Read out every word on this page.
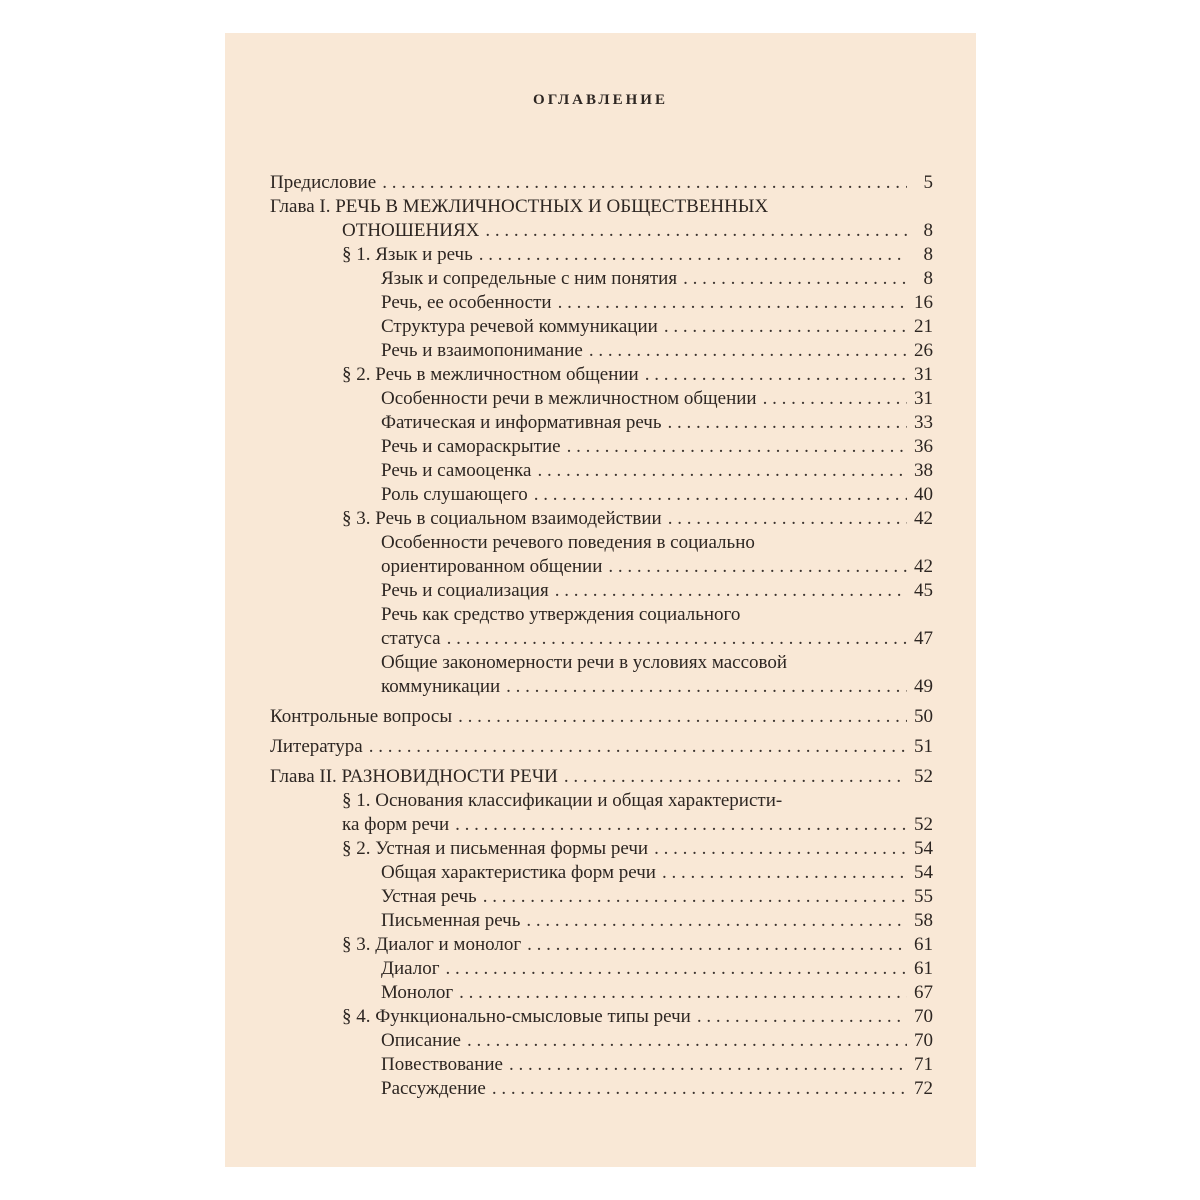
ОГЛАВЛЕНИЕ
Предисловие . . .	5
Глава I. РЕЧЬ В МЕЖЛИЧНОСТНЫХ И ОБЩЕСТВЕННЫХ
ОТНОШЕНИЯХ . . .	8
§ 1. Язык и речь . . .	8
Язык и сопредельные с ним понятия . . .	8
Речь, ее особенности . . .	16
Структура речевой коммуникации . . .	21
Речь и взаимопонимание . . .	26
§ 2. Речь в межличностном общении . . .	31
Особенности речи в межличностном общении . . .	31
Фатическая и информативная речь . . .	33
Речь и самораскрытие . . .	36
Речь и самооценка . . .	38
Роль слушающего . . .	40
§ 3. Речь в социальном взаимодействии . . .	42
Особенности речевого поведения в социально
ориентированном общении . . .	42
Речь и социализация . . .	45
Речь как средство утверждения социального
статуса . . .	47
Общие закономерности речи в условиях массовой
коммуникации . . .	49
Контрольные вопросы . . .	50
Литература . . .	51
Глава II. РАЗНОВИДНОСТИ РЕЧИ . . .	52
§ 1. Основания классификации и общая характеристи-
ка форм речи . . .	52
§ 2. Устная и письменная формы речи . . .	54
Общая характеристика форм речи . . .	54
Устная речь . . .	55
Письменная речь . . .	58
§ 3. Диалог и монолог . . .	61
Диалог . . .	61
Монолог . . .	67
§ 4. Функционально-смысловые типы речи . . .	70
Описание . . .	70
Повествование . . .	71
Рассуждение . . .	72
